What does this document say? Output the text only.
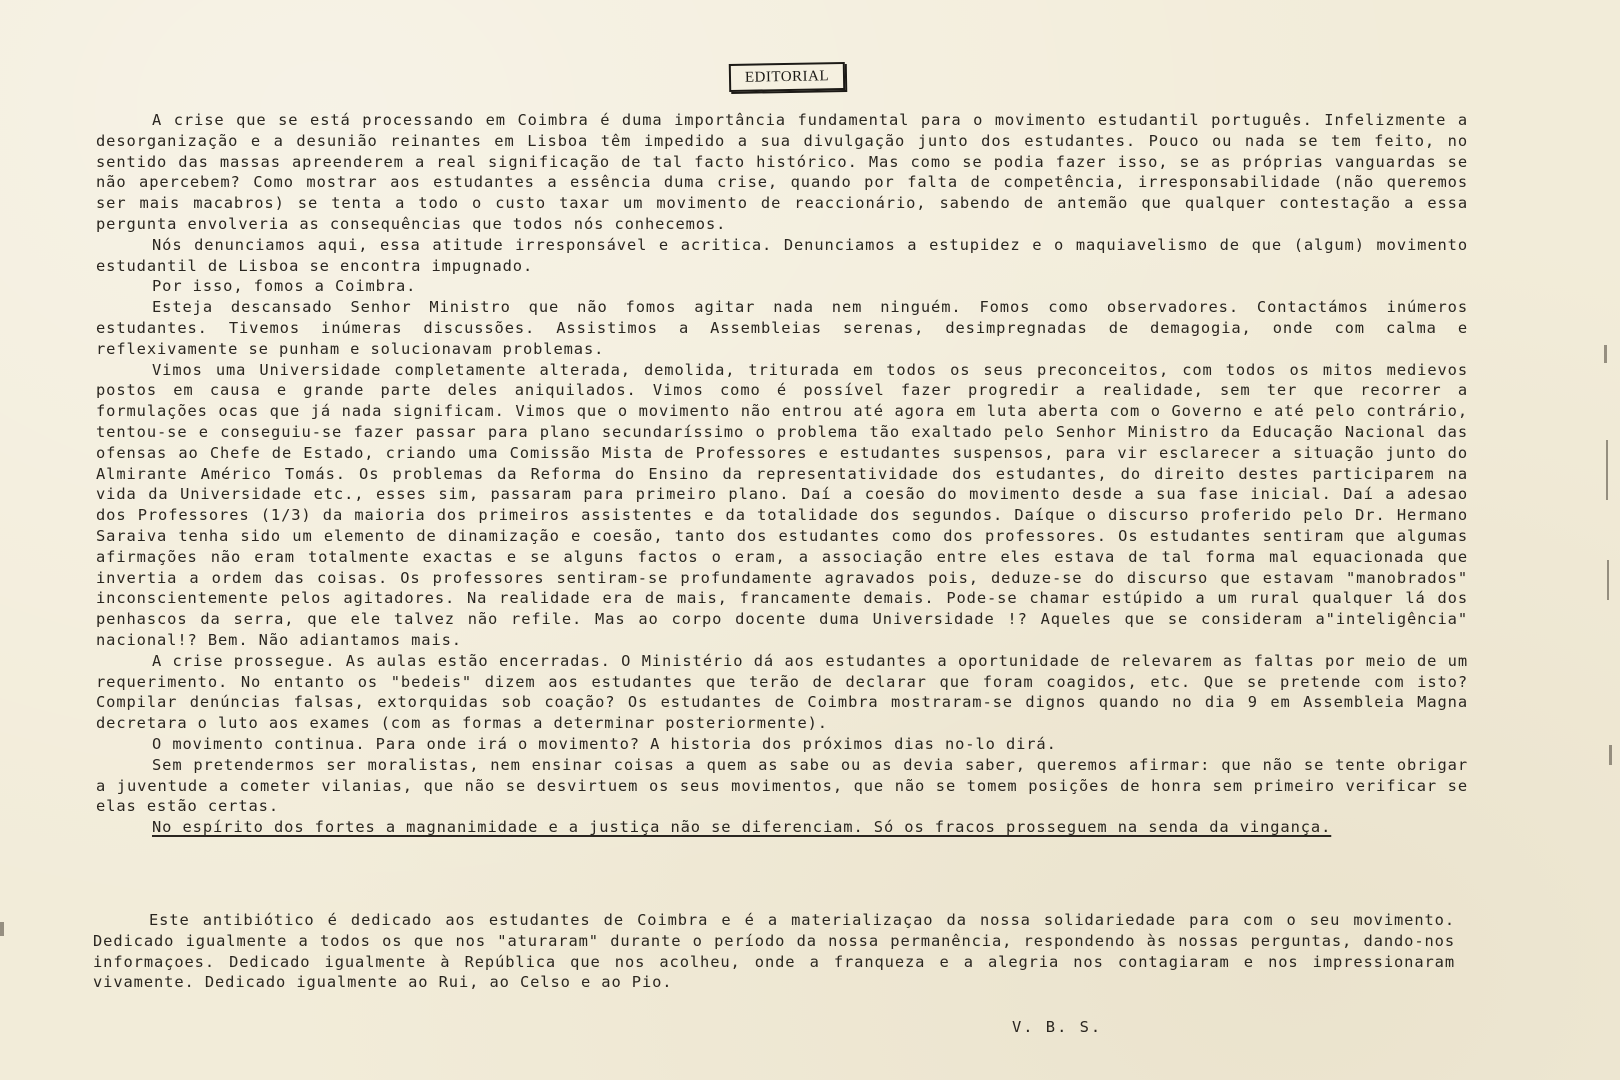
EDITORIAL

A crise que se está processando em Coimbra é duma importância fundamental para o movimento estudantil português. Infelizmente a desorganização e a desunião reinantes em Lisboa têm impedido a sua divulgação junto dos estudantes. Pouco ou nada se tem feito, no sentido das massas apreenderem a real significação de tal facto histórico. Mas como se podia fazer isso, se as próprias vanguardas se não apercebem? Como mostrar aos estudantes a essência duma crise, quando por falta de competência, irresponsabilidade (não queremos ser mais macabros) se tenta a todo o custo taxar um movimento de reaccionário, sabendo de antemão que qualquer contestação a essa pergunta envolveria as consequências que todos nós conhecemos.

Nós denunciamos aqui, essa atitude irresponsável e acritica. Denunciamos a estupidez e o maquiavelismo de que (algum) movimento estudantil de Lisboa se encontra impugnado.

Por isso, fomos a Coimbra.

Esteja descansado Senhor Ministro que não fomos agitar nada nem ninguém. Fomos como observadores. Contactámos inúmeros estudantes. Tivemos inúmeras discussões. Assistimos a Assembleias serenas, desimpregnadas de demagogia, onde com calma e reflexivamente se punham e solucionavam problemas.

Vimos uma Universidade completamente alterada, demolida, triturada em todos os seus preconceitos, com todos os mitos medievos postos em causa e grande parte deles aniquilados. Vimos como é possível fazer progredir a realidade, sem ter que recorrer a formulações ocas que já nada significam. Vimos que o movimento não entrou até agora em luta aberta com o Governo e até pelo contrário, tentou-se e conseguiu-se fazer passar para plano secundaríssimo o problema tão exaltado pelo Senhor Ministro da Educação Nacional das ofensas ao Chefe de Estado, criando uma Comissão Mista de Professores e estudantes suspensos, para vir esclarecer a situação junto do Almirante Américo Tomás. Os problemas da Reforma do Ensino da representatividade dos estudantes, do direito destes participarem na vida da Universidade etc., esses sim, passaram para primeiro plano. Daí a coesão do movimento desde a sua fase inicial. Daí a adesao dos Professores (1/3) da maioria dos primeiros assistentes e da totalidade dos segundos. Daíque o discurso proferido pelo Dr. Hermano Saraiva tenha sido um elemento de dinamização e coesão, tanto dos estudantes como dos professores. Os estudantes sentiram que algumas afirmações não eram totalmente exactas e se alguns factos o eram, a associação entre eles estava de tal forma mal equacionada que invertia a ordem das coisas. Os professores sentiram-se profundamente agravados pois, deduze-se do discurso que estavam "manobrados" inconscientemente pelos agitadores. Na realidade era de mais, francamente demais. Pode-se chamar estúpido a um rural qualquer lá dos penhascos da serra, que ele talvez não refile. Mas ao corpo docente duma Universidade !? Aqueles que se consideram a"inteligência" nacional!? Bem. Não adiantamos mais.

A crise prossegue. As aulas estão encerradas. O Ministério dá aos estudantes a oportunidade de relevarem as faltas por meio de um requerimento. No entanto os "bedeis" dizem aos estudantes que terão de declarar que foram coagidos, etc. Que se pretende com isto? Compilar denúncias falsas, extorquidas sob coação? Os estudantes de Coimbra mostraram-se dignos quando no dia 9 em Assembleia Magna decretara o luto aos exames (com as formas a determinar posteriormente).

O movimento continua. Para onde irá o movimento? A historia dos próximos dias no-lo dirá.

Sem pretendermos ser moralistas, nem ensinar coisas a quem as sabe ou as devia saber, queremos afirmar: que não se tente obrigar a juventude a cometer vilanias, que não se desvirtuem os seus movimentos, que não se tomem posições de honra sem primeiro verificar se elas estão certas.

No espírito dos fortes a magnanimidade e a justiça não se diferenciam. Só os fracos prosseguem na senda da vingança.

Este antibiótico é dedicado aos estudantes de Coimbra e é a materializaçao da nossa solidariedade para com o seu movimento. Dedicado igualmente a todos os que nos "aturaram" durante o período da nossa permanência, respondendo às nossas perguntas, dando-nos informaçoes. Dedicado igualmente à República que nos acolheu, onde a franqueza e a alegria nos contagiaram e nos impressionaram vivamente. Dedicado igualmente ao Rui, ao Celso e ao Pio.

V. B. S.
